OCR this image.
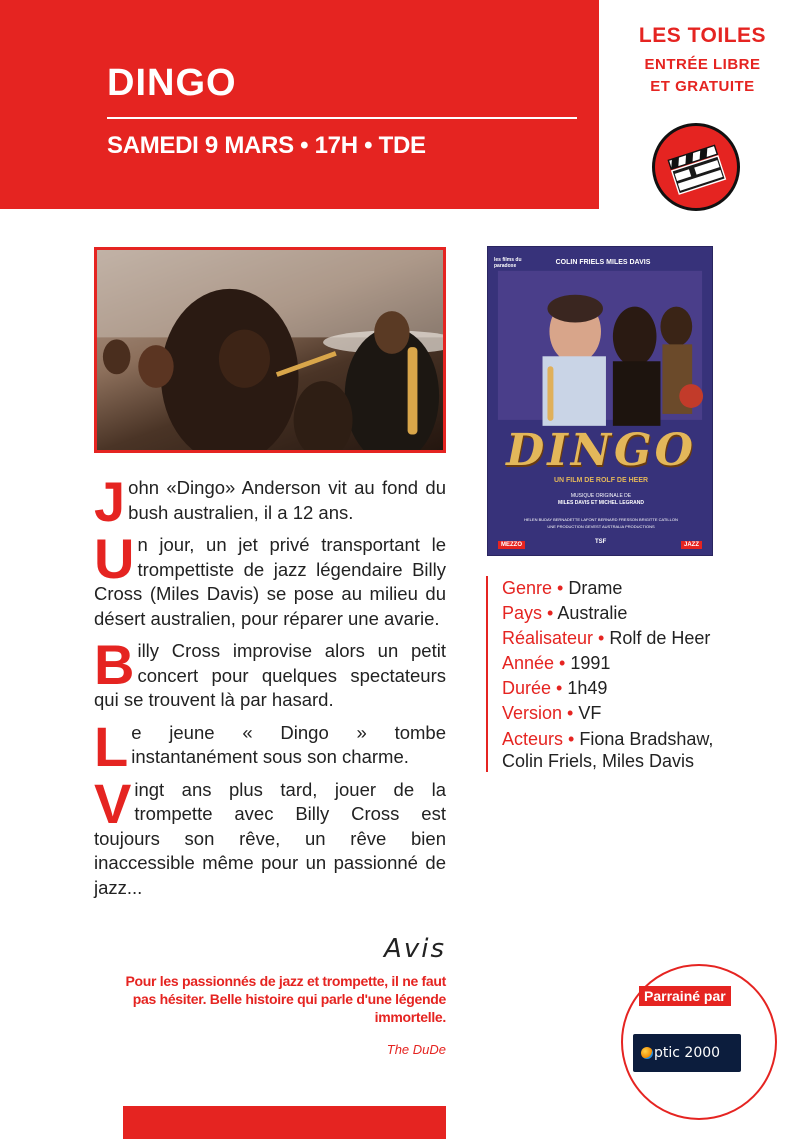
DINGO
SAMEDI 9 MARS • 17H • TDE
LES TOILES
ENTRÉE LIBRE
ET GRATUITE
les films du paradoxe	COLIN FRIELS MILES DAVIS
DINGO
UN FILM DE ROLF DE HEER
MUSIQUE ORIGINALE DE
MILES DAVIS ET MICHEL LEGRAND
HELEN BUDAY BERNADETTE LAFONT BERNARD FRESSON BRIGITTE CATILLON
UNE PRODUCTION GEVEST AUSTRALIA PRODUCTIONS
MEZZO	TSF	JAZZ

John «Dingo» Anderson vit au fond du bush australien, il a 12 ans.

Un jour, un jet privé transportant le trompettiste de jazz légendaire Billy Cross (Miles Davis) se pose au milieu du désert australien, pour réparer une avarie.

Billy Cross improvise alors un petit concert pour quelques spectateurs qui se trouvent là par hasard.

Le jeune « Dingo » tombe instantanément sous son charme.

Vingt ans plus tard, jouer de la trompette avec Billy Cross est toujours son rêve, un rêve bien inaccessible même pour un passionné de jazz...

Avis
Pour les passionnés de jazz et trompette, il ne faut pas hésiter. Belle histoire qui parle d'une légende immortelle.
The DuDe
Genre • Drame
Pays • Australie
Réalisateur • Rolf de Heer
Année • 1991
Durée • 1h49
Version • VF
Acteurs • Fiona Bradshaw, Colin Friels, Miles Davis
Parrainé par
ptic 2000
